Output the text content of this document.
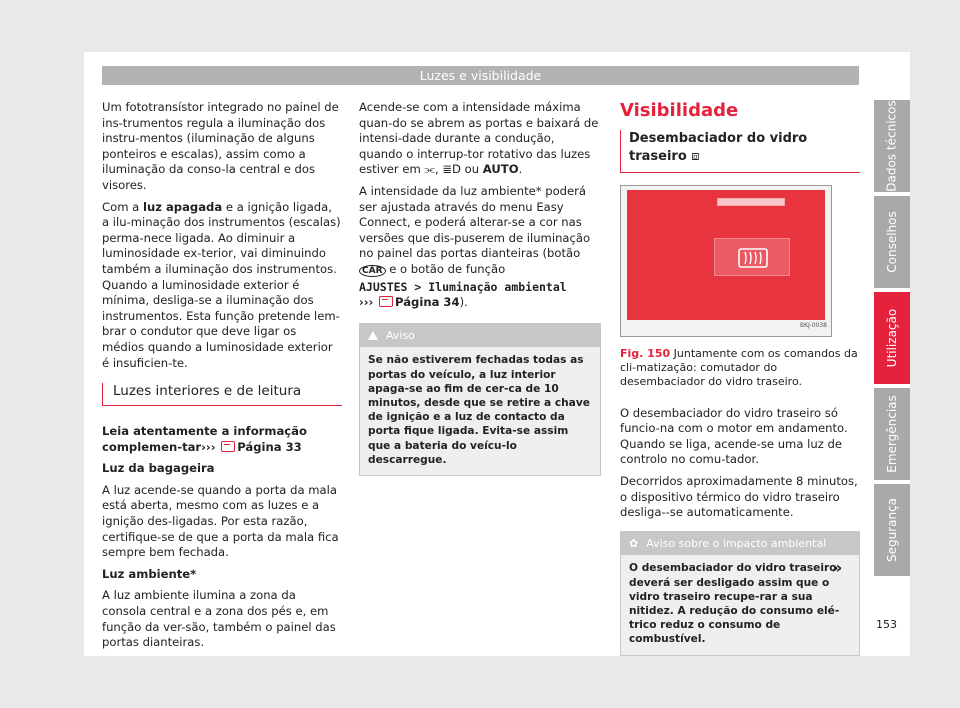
Luzes e visibilidade

Um fototransístor integrado no painel de ins-trumentos regula a iluminação dos instru-mentos (iluminação de alguns ponteiros e escalas), assim como a iluminação da conso-la central e dos visores.

Com a luz apagada e a ignição ligada, a ilu-minação dos instrumentos (escalas) perma-nece ligada. Ao diminuir a luminosidade ex-terior, vai diminuindo também a iluminação dos instrumentos. Quando a luminosidade exterior é mínima, desliga-se a iluminação dos instrumentos. Esta função pretende lem-brar o condutor que deve ligar os médios quando a luminosidade exterior é insuficien-te.

Luzes interiores e de leitura

Leia atentamente a informação complemen-tar››› Página 33

Luz da bagageira

A luz acende-se quando a porta da mala está aberta, mesmo com as luzes e a ignição des-ligadas. Por esta razão, certifique-se de que a porta da mala fica sempre bem fechada.

Luz ambiente*

A luz ambiente ilumina a zona da consola central e a zona dos pés e, em função da ver-são, também o painel das portas dianteiras.

Acende-se com a intensidade máxima quan-do se abrem as portas e baixará de intensi-dade durante a condução, quando o interrup-tor rotativo das luzes estiver em ⫘, ≣D ou AUTO.

A intensidade da luz ambiente* poderá ser ajustada através do menu Easy Connect, e poderá alterar-se a cor nas versões que dis-puserem de iluminação no painel das portas dianteiras (botão CAR e o botão de função
AJUSTES > Iluminação ambiental
››› Página 34).

Aviso
Se não estiverem fechadas todas as portas do veículo, a luz interior apaga-se ao fim de cer-ca de 10 minutos, desde que se retire a chave de ignição e a luz de contacto da porta fique ligada. Evita-se assim que a bateria do veícu-lo descarregue.
Visibilidade
Desembaciador do vidro traseiro ⧈
BKJ-0038
Fig. 150 Juntamente com os comandos da cli-matização: comutador do desembaciador do vidro traseiro.

O desembaciador do vidro traseiro só funcio-na com o motor em andamento. Quando se liga, acende-se uma luz de controlo no comu-tador.

Decorridos aproximadamente 8 minutos, o dispositivo térmico do vidro traseiro desliga--se automaticamente.

✿ Aviso sobre o impacto ambiental
O desembaciador do vidro traseiro deverá ser desligado assim que o vidro traseiro recupe-rar a sua nitidez. A redução do consumo elé-trico reduz o consumo de combustível.
»
Dados técnicos
Conselhos
Utilização
Emergências
Segurança
153
